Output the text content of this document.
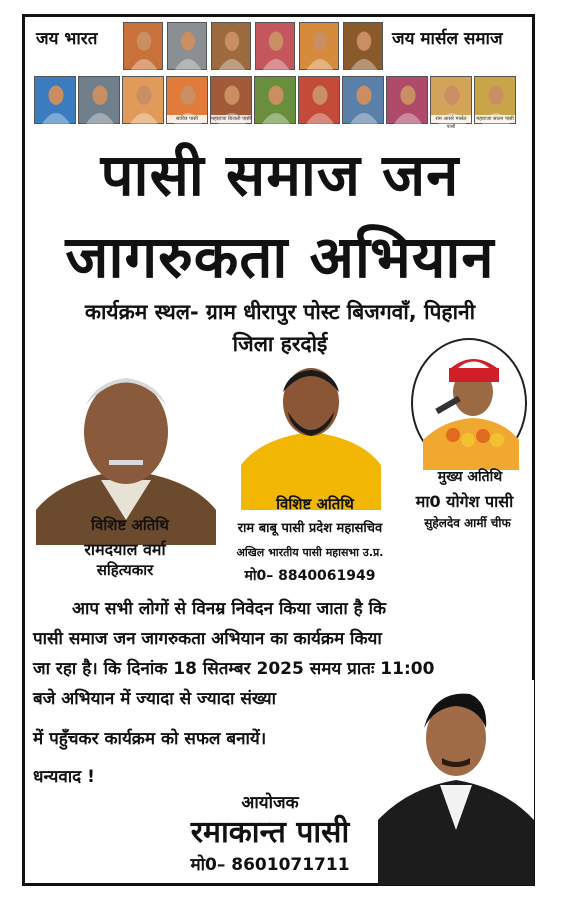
जय भारत	जय मार्सल समाज
सावित्र पासी	महाराजा बिजली पासी	राम आसरे मार्सल पासी
महाराजा सातन पासी
पासी समाज जन
जागरुकता अभियान
कार्यक्रम स्थल- ग्राम धीरापुर पोस्ट बिजगवाँ, पिहानी
जिला हरदोई
विशिष्ट अतिथि
रामदयाल वर्मा
सहित्यकार
विशिष्ट अतिथि
राम बाबू पासी प्रदेश महासचिव
अखिल भारतीय पासी महासभा उ.प्र.
मो0– 8840061949
मुख्य अतिथि
मा0 योगेश पासी
सुहेलदेव आर्मी चीफ
आप सभी लोगों से विनम्र निवेदन किया जाता है कि
पासी समाज जन जागरुकता अभियान का कार्यक्रम किया
जा रहा है। कि दिनांक 18 सितम्बर 2025 समय प्रातः 11:00
बजे अभियान में ज्यादा से ज्यादा संख्या
में पहुँचकर कार्यक्रम को सफल बनायें।
धन्यवाद !
आयोजक
रमाकान्त पासी
मो0– 8601071711
